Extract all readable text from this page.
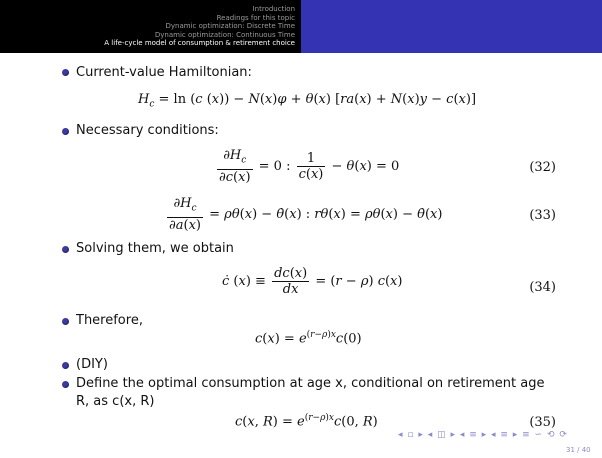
Introduction
Readings for this topic
Dynamic optimization: Discrete Time
Dynamic optimization: Continuous Time
A life-cycle model of consumption & retirement choice
Current-value Hamiltonian:
$H_c = \ln (c$ (x)) − N(x)φ + θ(x) [ra(x) + N(x)y − c(x)]
Necessary conditions:
$\frac{\partial H_c}{\partial c(x)} = 0$ : $\frac{1}{c(x)} - \theta(x) = 0$	(32)
$\frac{\partial H_c}{\partial a(x)} = \rho\theta(x)$ − θ̇(x) : rθ(x) = ρθ(x) − θ̇(x)	(33)
Solving them, we obtain
ċ $(x) \equiv \frac{dc(x)}{dx} = (r - \rho)$ c(x)	(34)
Therefore,
$c(x) = e^{(r-\rho)x}c(0)$
(DIY)
Define the optimal consumption at age x, conditional on retirement age
R, as c(x, R)
c(x, $R) = e^{(r-\rho)x}c(0$, R)	(35)
◂ ▫ ▸ ◂ ◫ ▸ ◂ ≡ ▸ ◂ ≡ ▸ ≡ ∽ ⟲ ⟳
31 / 40
